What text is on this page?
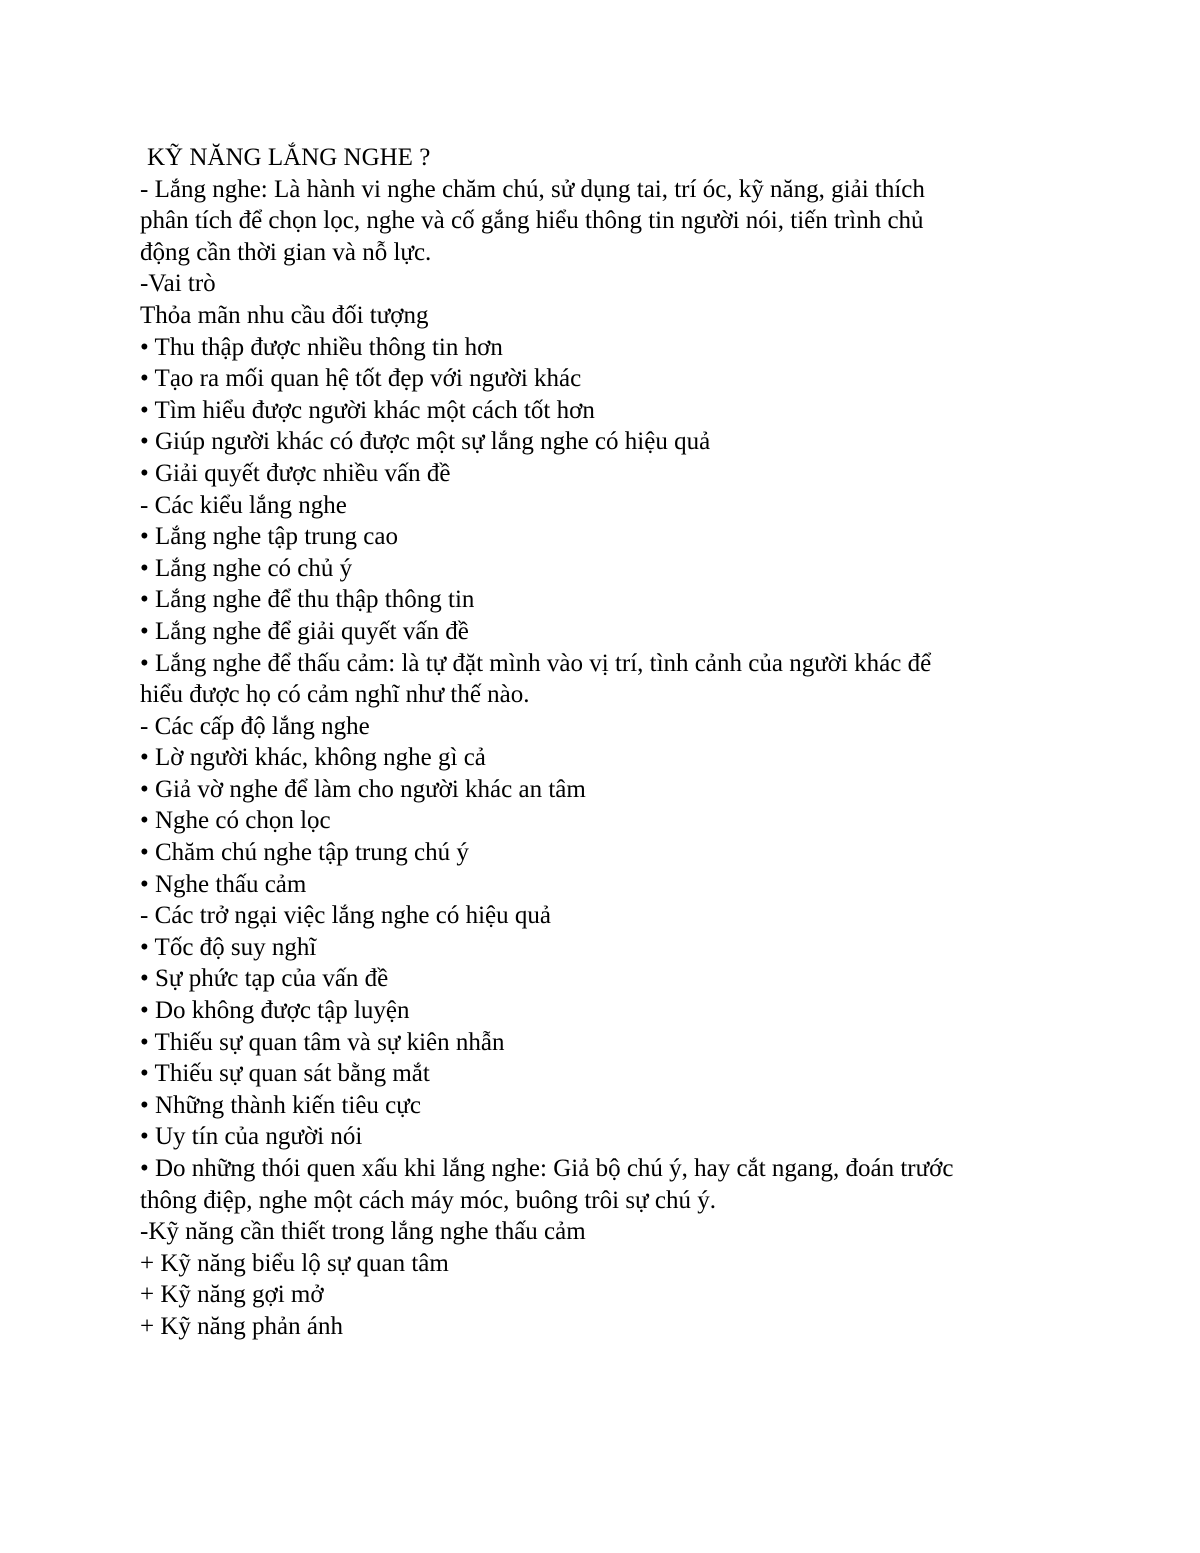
KỸ NĂNG LẮNG NGHE ?
- Lắng nghe: Là hành vi nghe chăm chú, sử dụng tai, trí óc, kỹ năng, giải thích
phân tích để chọn lọc, nghe và cố gắng hiểu thông tin người nói, tiến trình chủ
động cần thời gian và nỗ lực.
-Vai trò
Thỏa mãn nhu cầu đối tượng
• Thu thập được nhiều thông tin hơn
• Tạo ra mối quan hệ tốt đẹp với người khác
• Tìm hiểu được người khác một cách tốt hơn
• Giúp người khác có được một sự lắng nghe có hiệu quả
• Giải quyết được nhiều vấn đề
- Các kiểu lắng nghe
• Lắng nghe tập trung cao
• Lắng nghe có chủ ý
• Lắng nghe để thu thập thông tin
• Lắng nghe để giải quyết vấn đề
• Lắng nghe để thấu cảm: là tự đặt mình vào vị trí, tình cảnh của người khác để
hiểu được họ có cảm nghĩ như thế nào.
- Các cấp độ lắng nghe
• Lờ người khác, không nghe gì cả
• Giả vờ nghe để làm cho người khác an tâm
• Nghe có chọn lọc
• Chăm chú nghe tập trung chú ý
• Nghe thấu cảm
- Các trở ngại việc lắng nghe có hiệu quả
• Tốc độ suy nghĩ
• Sự phức tạp của vấn đề
• Do không được tập luyện
• Thiếu sự quan tâm và sự kiên nhẫn
• Thiếu sự quan sát bằng mắt
• Những thành kiến tiêu cực
• Uy tín của người nói
• Do những thói quen xấu khi lắng nghe: Giả bộ chú ý, hay cắt ngang, đoán trước
thông điệp, nghe một cách máy móc, buông trôi sự chú ý.
-Kỹ năng cần thiết trong lắng nghe thấu cảm
+ Kỹ năng biểu lộ sự quan tâm
+ Kỹ năng gợi mở
+ Kỹ năng phản ánh
